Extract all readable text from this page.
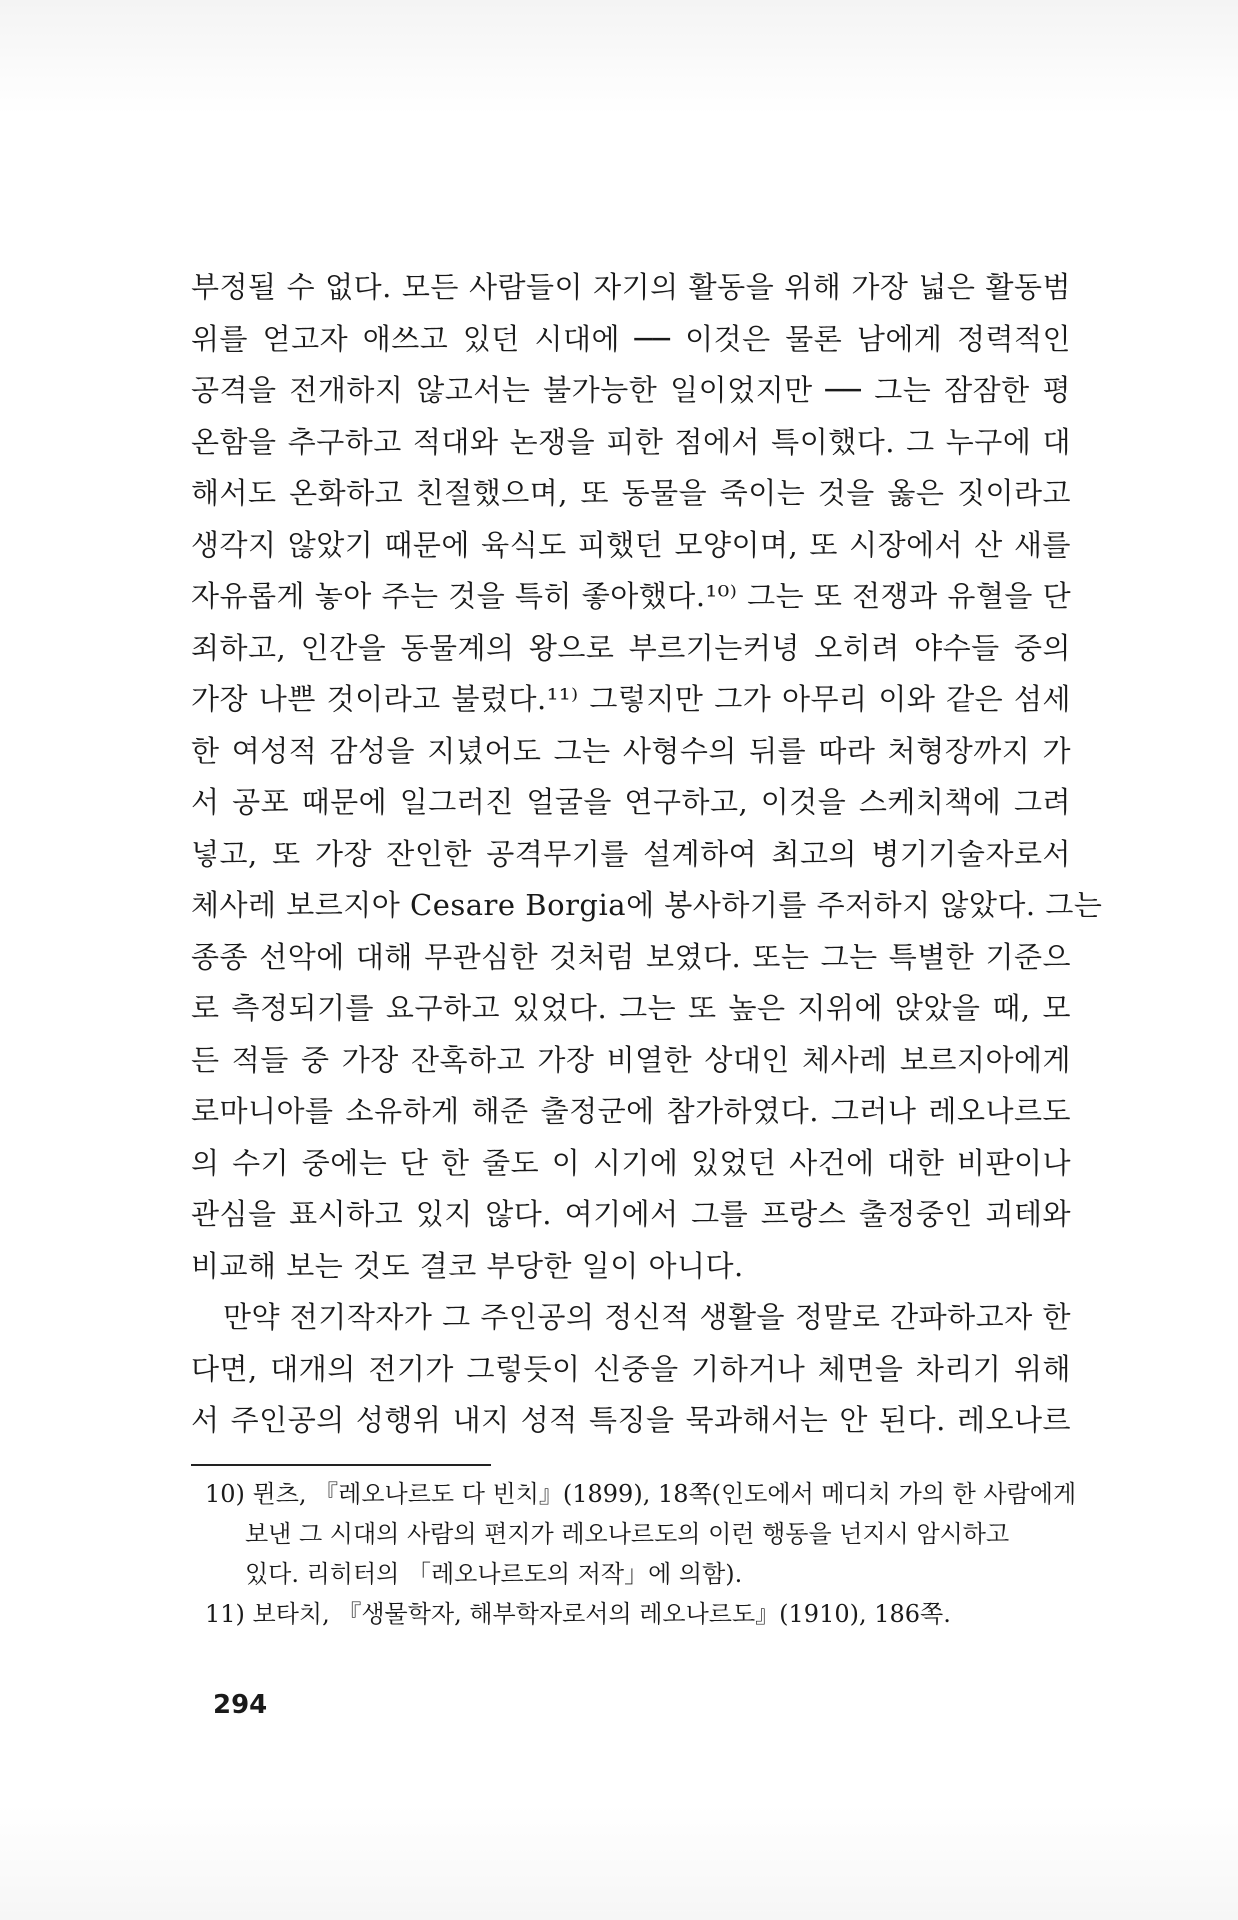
부정될 수 없다. 모든 사람들이 자기의 활동을 위해 가장 넓은 활동범
위를 얻고자 애쓰고 있던 시대에 ── 이것은 물론 남에게 정력적인
공격을 전개하지 않고서는 불가능한 일이었지만 ── 그는 잠잠한 평
온함을 추구하고 적대와 논쟁을 피한 점에서 특이했다. 그 누구에 대
해서도 온화하고 친절했으며, 또 동물을 죽이는 것을 옳은 짓이라고
생각지 않았기 때문에 육식도 피했던 모양이며, 또 시장에서 산 새를
자유롭게 놓아 주는 것을 특히 좋아했다.¹⁰⁾ 그는 또 전쟁과 유혈을 단
죄하고, 인간을 동물계의 왕으로 부르기는커녕 오히려 야수들 중의
가장 나쁜 것이라고 불렀다.¹¹⁾ 그렇지만 그가 아무리 이와 같은 섬세
한 여성적 감성을 지녔어도 그는 사형수의 뒤를 따라 처형장까지 가
서 공포 때문에 일그러진 얼굴을 연구하고, 이것을 스케치책에 그려
넣고, 또 가장 잔인한 공격무기를 설계하여 최고의 병기기술자로서
체사레 보르지아 Cesare Borgia에 봉사하기를 주저하지 않았다. 그는
종종 선악에 대해 무관심한 것처럼 보였다. 또는 그는 특별한 기준으
로 측정되기를 요구하고 있었다. 그는 또 높은 지위에 앉았을 때, 모
든 적들 중 가장 잔혹하고 가장 비열한 상대인 체사레 보르지아에게
로마니아를 소유하게 해준 출정군에 참가하였다. 그러나 레오나르도
의 수기 중에는 단 한 줄도 이 시기에 있었던 사건에 대한 비판이나
관심을 표시하고 있지 않다. 여기에서 그를 프랑스 출정중인 괴테와
비교해 보는 것도 결코 부당한 일이 아니다.
만약 전기작자가 그 주인공의 정신적 생활을 정말로 간파하고자 한
다면, 대개의 전기가 그렇듯이 신중을 기하거나 체면을 차리기 위해
서 주인공의 성행위 내지 성적 특징을 묵과해서는 안 된다. 레오나르
10) 뮌츠, 『레오나르도 다 빈치』(1899), 18쪽(인도에서 메디치 가의 한 사람에게
보낸 그 시대의 사람의 편지가 레오나르도의 이런 행동을 넌지시 암시하고
있다. 리히터의 「레오나르도의 저작」에 의함).
11) 보타치, 『생물학자, 해부학자로서의 레오나르도』(1910), 186쪽.
294
